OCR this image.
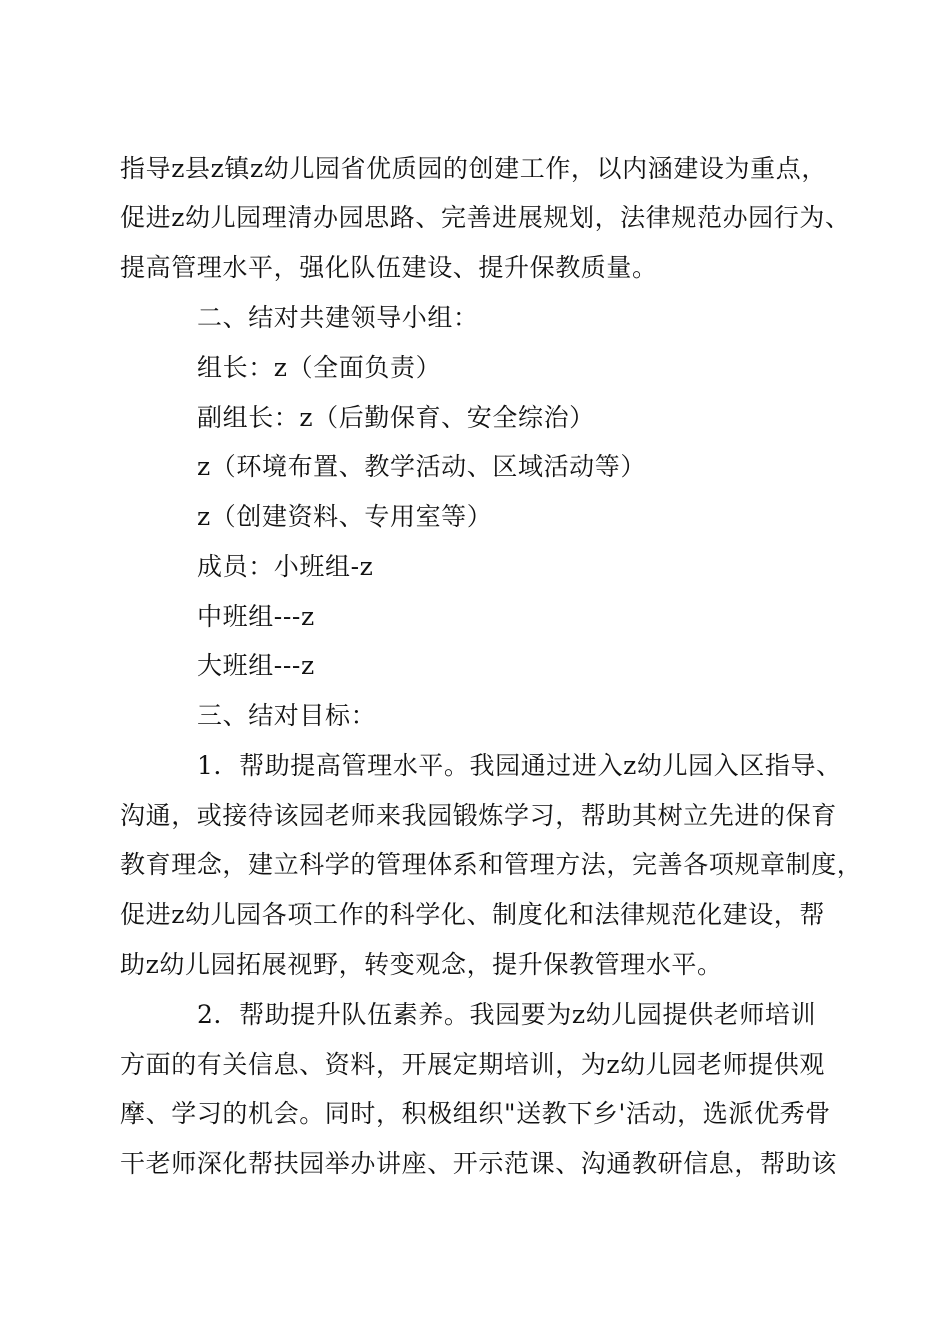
指导z县z镇z幼儿园省优质园的创建工作，以内涵建设为重点，
促进z幼儿园理清办园思路、完善进展规划，法律规范办园行为、
提高管理水平，强化队伍建设、提升保教质量。
二、结对共建领导小组：
组长：z（全面负责）
副组长：z（后勤保育、安全综治）
z（环境布置、教学活动、区域活动等）
z（创建资料、专用室等）
成员：小班组-z
中班组---z
大班组---z
三、结对目标：
1．帮助提高管理水平。我园通过进入z幼儿园入区指导、
沟通，或接待该园老师来我园锻炼学习，帮助其树立先进的保育
教育理念，建立科学的管理体系和管理方法，完善各项规章制度，
促进z幼儿园各项工作的科学化、制度化和法律规范化建设，帮
助z幼儿园拓展视野，转变观念，提升保教管理水平。
2．帮助提升队伍素养。我园要为z幼儿园提供老师培训
方面的有关信息、资料，开展定期培训，为z幼儿园老师提供观
摩、学习的机会。同时，积极组织"送教下乡'活动，选派优秀骨
干老师深化帮扶园举办讲座、开示范课、沟通教研信息，帮助该
